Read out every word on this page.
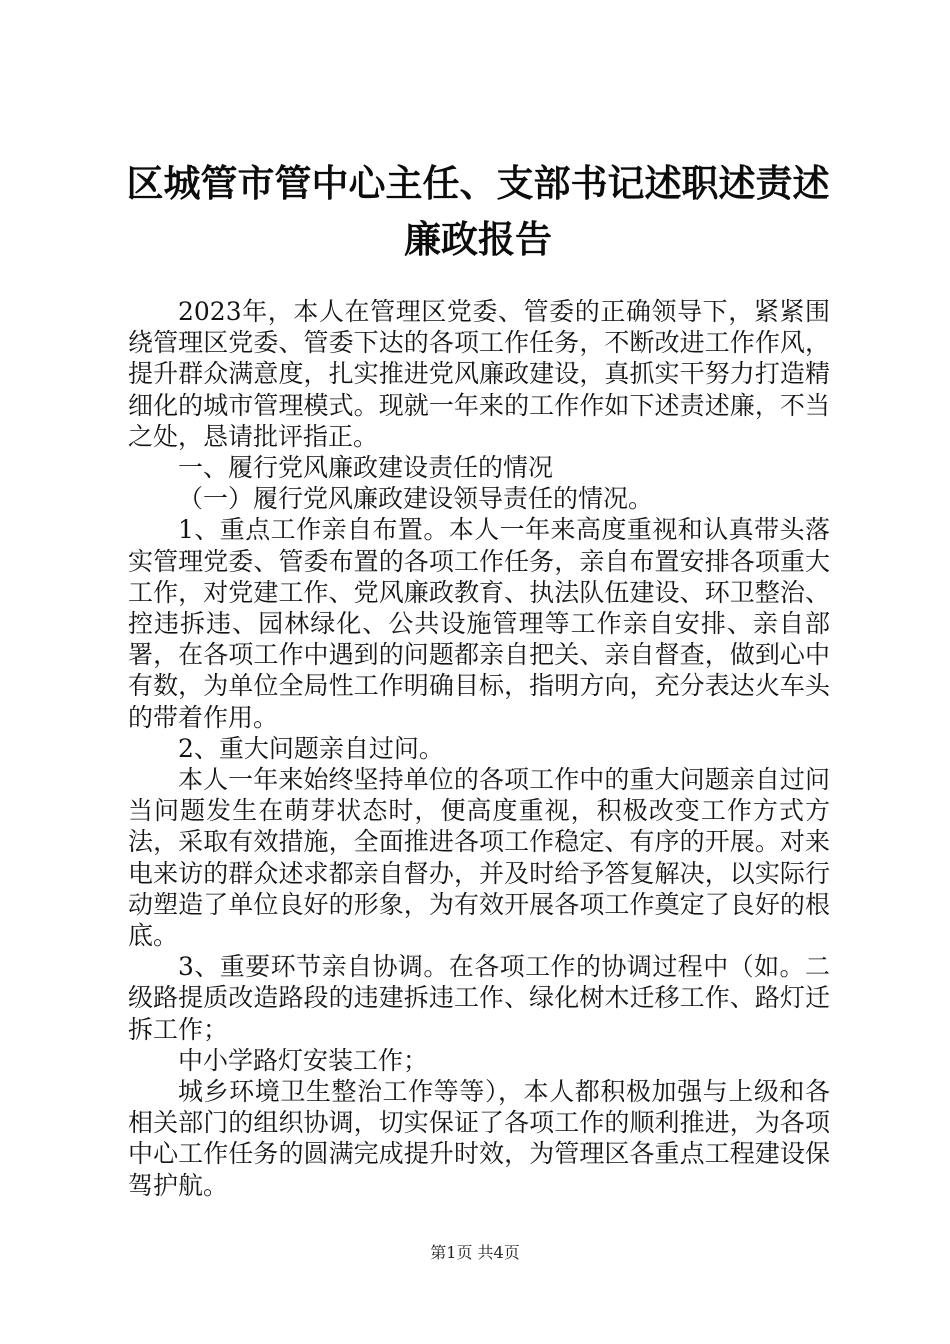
区城管市管中心主任、支部书记述职述责述廉政报告

2023年，本人在管理区党委、管委的正确领导下，紧紧围绕管理区党委、管委下达的各项工作任务，不断改进工作作风，提升群众满意度，扎实推进党风廉政建设，真抓实干努力打造精细化的城市管理模式。现就一年来的工作作如下述责述廉，不当之处，恳请批评指正。

一、履行党风廉政建设责任的情况

（一）履行党风廉政建设领导责任的情况。

1、重点工作亲自布置。本人一年来高度重视和认真带头落实管理党委、管委布置的各项工作任务，亲自布置安排各项重大工作，对党建工作、党风廉政教育、执法队伍建设、环卫整治、控违拆违、园林绿化、公共设施管理等工作亲自安排、亲自部署，在各项工作中遇到的问题都亲自把关、亲自督查，做到心中有数，为单位全局性工作明确目标，指明方向，充分表达火车头的带着作用。

2、重大问题亲自过问。

本人一年来始终坚持单位的各项工作中的重大问题亲自过问当问题发生在萌芽状态时，便高度重视，积极改变工作方式方法，采取有效措施，全面推进各项工作稳定、有序的开展。对来电来访的群众述求都亲自督办，并及时给予答复解决，以实际行动塑造了单位良好的形象，为有效开展各项工作奠定了良好的根底。

3、重要环节亲自协调。在各项工作的协调过程中（如。二级路提质改造路段的违建拆违工作、绿化树木迁移工作、路灯迁拆工作；

中小学路灯安装工作；

城乡环境卫生整治工作等等），本人都积极加强与上级和各相关部门的组织协调，切实保证了各项工作的顺利推进，为各项中心工作任务的圆满完成提升时效，为管理区各重点工程建设保驾护航。

第1页 共4页
